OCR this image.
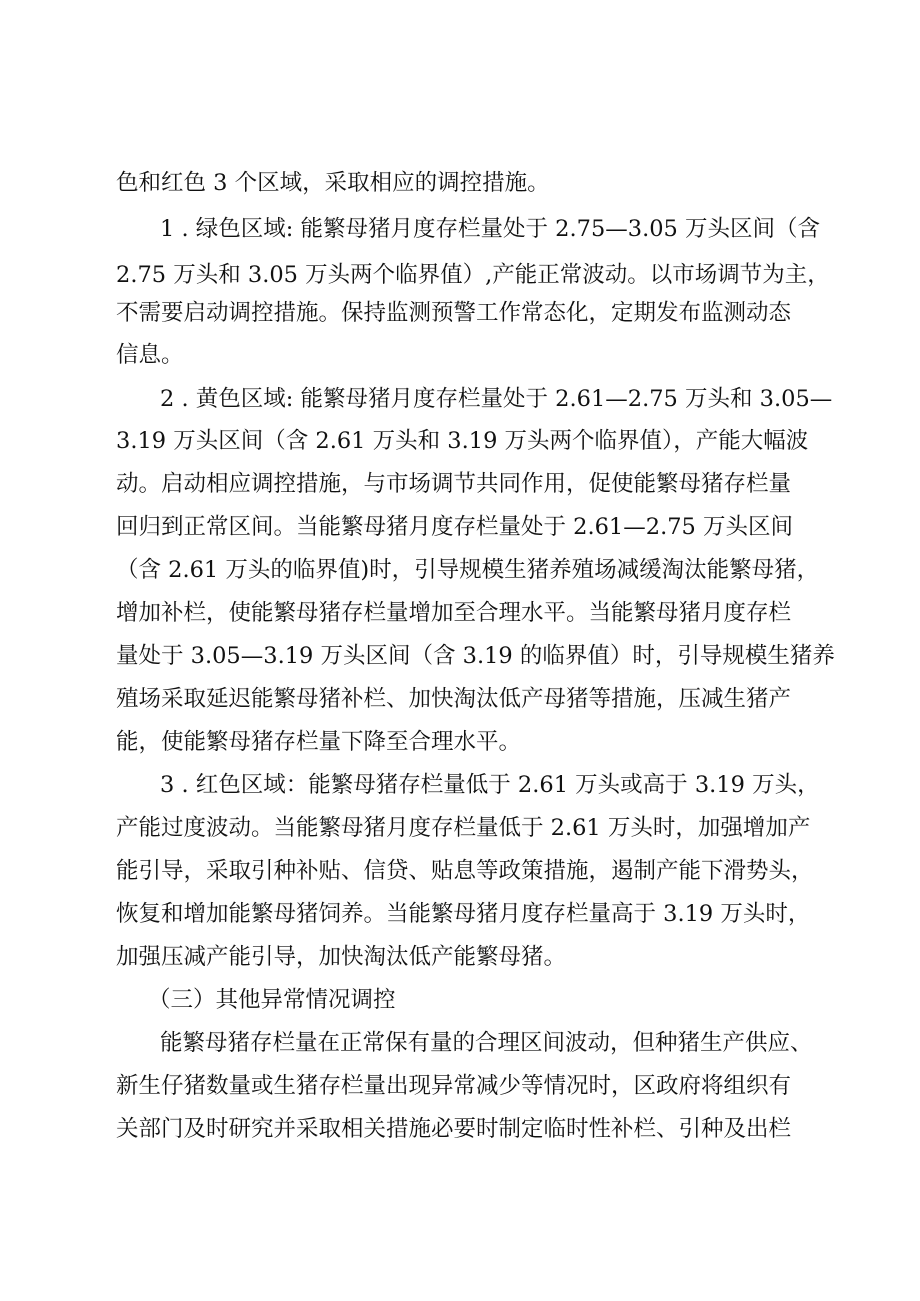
色和红色 3 个区域，采取相应的调控措施。
1 . 绿色区域: 能繁母猪月度存栏量处于 2.75—3.05 万头区间（含
2.75 万头和 3.05 万头两个临界值）,产能正常波动。以市场调节为主，
不需要启动调控措施。保持监测预警工作常态化，定期发布监测动态
信息。
2 . 黄色区域: 能繁母猪月度存栏量处于 2.61—2.75 万头和 3.05—
3.19 万头区间（含 2.61 万头和 3.19 万头两个临界值），产能大幅波
动。启动相应调控措施，与市场调节共同作用，促使能繁母猪存栏量
回归到正常区间。当能繁母猪月度存栏量处于 2.61—2.75 万头区间
（含 2.61 万头的临界值)时，引导规模生猪养殖场减缓淘汰能繁母猪，
增加补栏，使能繁母猪存栏量增加至合理水平。当能繁母猪月度存栏
量处于 3.05—3.19 万头区间（含 3.19 的临界值）时，引导规模生猪养
殖场采取延迟能繁母猪补栏、加快淘汰低产母猪等措施，压减生猪产
能，使能繁母猪存栏量下降至合理水平。
3 . 红色区域：能繁母猪存栏量低于 2.61 万头或高于 3.19 万头，
产能过度波动。当能繁母猪月度存栏量低于 2.61 万头时，加强增加产
能引导，采取引种补贴、信贷、贴息等政策措施，遏制产能下滑势头，
恢复和增加能繁母猪饲养。当能繁母猪月度存栏量高于 3.19 万头时，
加强压减产能引导，加快淘汰低产能繁母猪。
（三）其他异常情况调控
能繁母猪存栏量在正常保有量的合理区间波动，但种猪生产供应、
新生仔猪数量或生猪存栏量出现异常减少等情况时，区政府将组织有
关部门及时研究并采取相关措施必要时制定临时性补栏、引种及出栏
